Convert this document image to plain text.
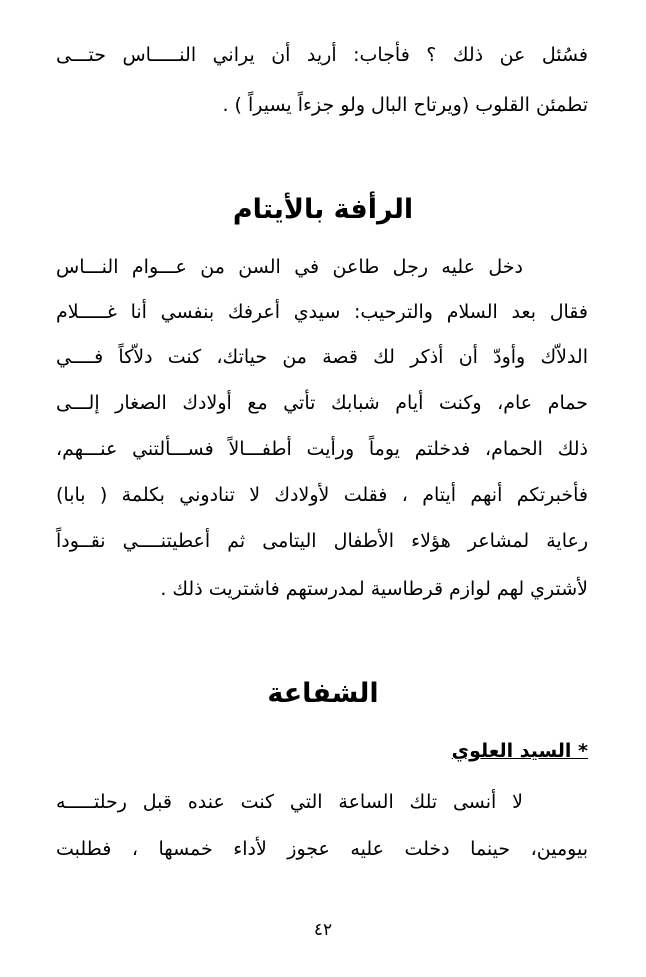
فسُئل عن ذلك ؟ فأجاب: أريد أن يراني النـــــاس حتـــى
تطمئن القلوب (ويرتاح البال ولو جزءاً يسيراً ) .
الرأفة بالأيتام
دخل عليه رجل طاعن في السن من عـــوام النـــاس
فقال بعد السلام والترحيب: سيدي أعرفك بنفسي أنا غـــــلام
الدلاّك وأودّ أن أذكر لك قصة من حياتك، كنت دلاّكاً فــــي
حمام عام، وكنت أيام شبابك تأتي مع أولادك الصغار إلـــى
ذلك الحمام، فدخلتم يوماً ورأيت أطفـــالاً فســـألتني عنـــهم،
فأخبرتكم أنهم أيتام ، فقلت لأولادك لا تنادوني بكلمة ( بابا)
رعاية لمشاعر هؤلاء الأطفال اليتامى ثم أعطيتنــــي نقــوداً
لأشتري لهم لوازم قرطاسية لمدرستهم فاشتريت ذلك .
الشفاعة
* السيد العلوي
لا أنسى تلك الساعة التي كنت عنده قبل رحلتـــــه
بيومين، حينما دخلت عليه عجوز لأداء خمسها ، فطلبت
٤٢
